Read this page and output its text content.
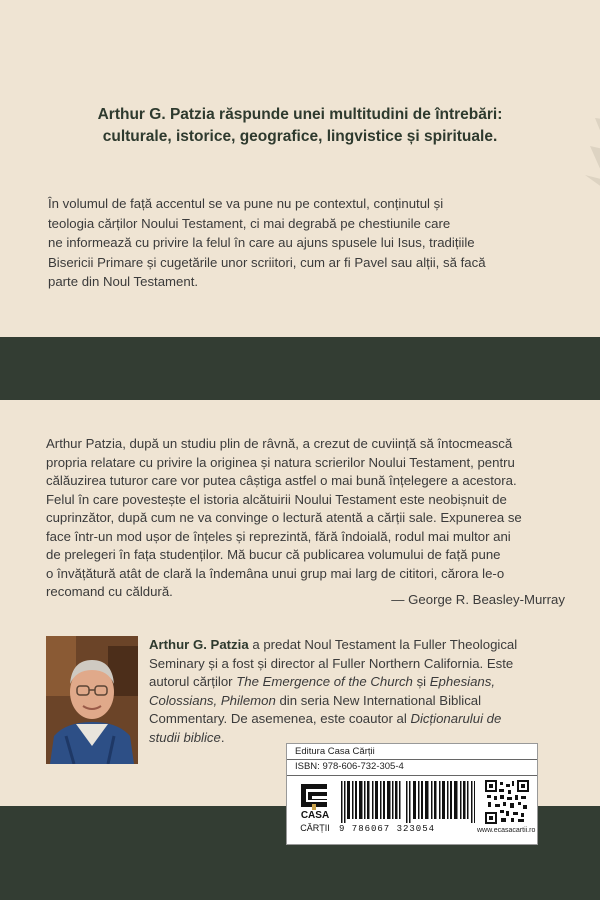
Arthur G. Patzia răspunde unei multitudini de întrebări:
culturale, istorice, geografice, lingvistice și spirituale.
În volumul de față accentul se va pune nu pe contextul, conținutul și
teologia cărților Noului Testament, ci mai degrabă pe chestiunile care
ne informează cu privire la felul în care au ajuns spusele lui Isus, tradițiile
Bisericii Primare și cugetările unor scriitori, cum ar fi Pavel sau alții, să facă
parte din Noul Testament.
Arthur Patzia, după un studiu plin de râvnă, a crezut de cuviință să întocmească
propria relatare cu privire la originea și natura scrierilor Noului Testament, pentru
călăuzirea tuturor care vor putea câștiga astfel o mai bună înțelegere a acestora.
Felul în care povestește el istoria alcătuirii Noului Testament este neobișnuit de
cuprinzător, după cum ne va convinge o lectură atentă a cărții sale. Expunerea se
face într-un mod ușor de înțeles și reprezintă, fără îndoială, rodul mai multor ani
de prelegeri în fața studenților. Mă bucur că publicarea volumului de față pune
o învățătură atât de clară la îndemâna unui grup mai larg de cititori, cărora le-o
recomand cu căldură.
— George R. Beasley-Murray
Arthur G. Patzia a predat Noul Testament la Fuller Theological
Seminary și a fost și director al Fuller Northern California. Este
autorul cărților The Emergence of the Church și Ephesians,
Colossians, Philemon din seria New International Biblical
Commentary. De asemenea, este coautor al Dicționarului de
studii biblice.
Editura Casa Cărții
ISBN: 978-606-732-305-4
CASA
CĂRȚII	9 786067 323054	www.ecasacartii.ro
